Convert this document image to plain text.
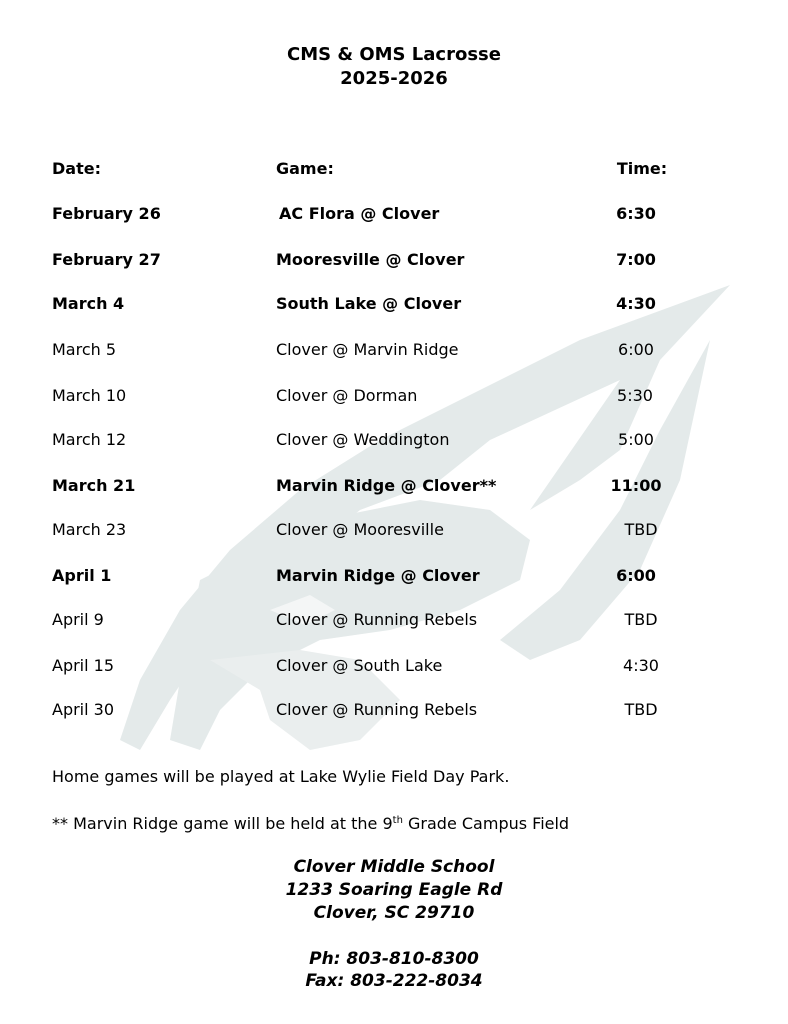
CMS & OMS Lacrosse
2025-2026
Date:	Game:	Time:
February 26	AC Flora @ Clover	6:30
February 27	Mooresville @ Clover	7:00
March 4	South Lake @ Clover	4:30
March 5	Clover @ Marvin Ridge	6:00
March 10	Clover @ Dorman	5:30
March 12	Clover @ Weddington	5:00
March 21	Marvin Ridge @ Clover**	11:00
March 23	Clover @ Mooresville	TBD
April 1	Marvin Ridge @ Clover	6:00
April 9	Clover @ Running Rebels	TBD
April 15	Clover @ South Lake	4:30
April 30	Clover @ Running Rebels	TBD
Home games will be played at Lake Wylie Field Day Park.
** Marvin Ridge game will be held at the 9th Grade Campus Field
Clover Middle School
1233 Soaring Eagle Rd
Clover, SC 29710
Ph: 803-810-8300
Fax: 803-222-8034
